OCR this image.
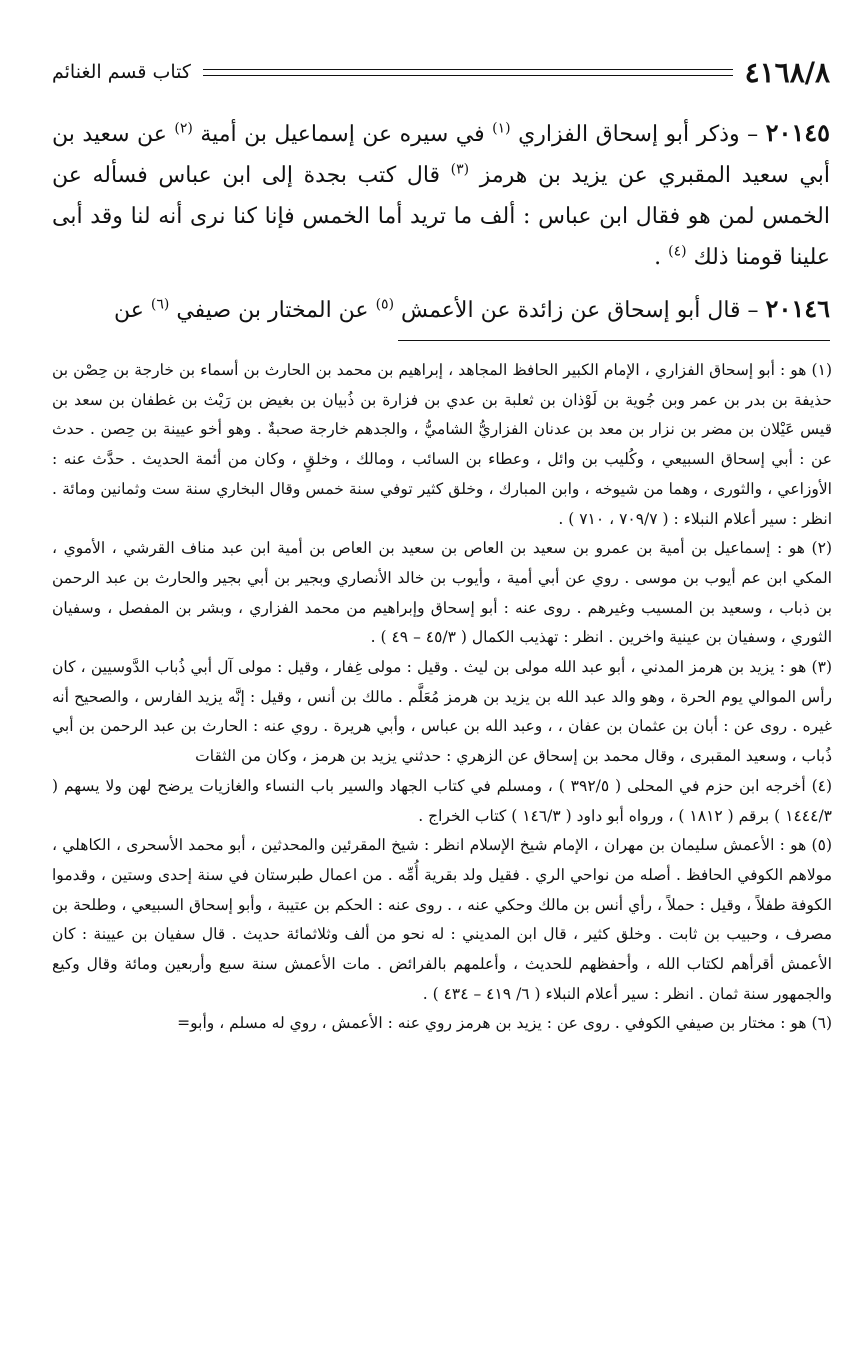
٤١٦٨/٨
كتاب قسم الغنائم

٢٠١٤٥ – وذكر أبو إسحاق الفزاري $^{(١)}$ في سيره عن إسماعيل بن أمية $^{(٢)}$ عن سعيد بن أبي سعيد المقبري عن يزيد بن هرمز $^{(٣)}$ قال كتب بجدة إلى ابن عباس فسأله عن الخمس لمن هو فقال ابن عباس : ألف ما تريد أما الخمس فإنا كنا نرى أنه لنا وقد أبى علينا قومنا ذلك $^{(٤)}$ .

٢٠١٤٦ – قال أبو إسحاق عن زائدة عن الأعمش $^{(٥)}$ عن المختار بن صيفي $^{(٦)}$ عن

(١) هو : أبو إسحاق الفزاري ، الإمام الكبير الحافظ المجاهد ، إبراهيم بن محمد بن الحارث بن أسماء بن خارجة بن حِصْن بن حذيفة بن بدر بن عمر وبن جُوية بن لَوْذان بن ثعلبة بن عدي بن فزارة بن ذُبيان بن بغيض بن رَيْث بن غطفان بن سعد بن قيس عَيْلان بن مضر بن نزار بن معد بن عدنان الفزاريُّ الشاميُّ ، والجدهم خارجة صحبةٌ . وهو أخو عيينة بن حِصن . حدث عن : أبي إسحاق السبيعي ، وكُليب بن وائل ، وعطاء بن السائب ، ومالك ، وخلقٍ ، وكان من أئمة الحديث . حدَّث عنه : الأوزاعي ، والثورى ، وهما من شيوخه ، وابن المبارك ، وخلق كثير توفي سنة خمس وقال البخاري سنة ست وثمانين ومائة . انظر : سير أعلام النبلاء : ( ٧٠٩/٧ ، ٧١٠ ) .

(٢) هو : إسماعيل بن أمية بن عمرو بن سعيد بن العاص بن سعيد بن العاص بن أمية ابن عبد مناف القرشي ، الأموي ، المكي ابن عم أيوب بن موسى . روي عن أبي أمية ، وأيوب بن خالد الأنصاري وبجير بن أبي بجير والحارث بن عبد الرحمن بن ذباب ، وسعيد بن المسيب وغيرهم . روى عنه : أبو إسحاق وإبراهيم من محمد الفزاري ، وبشر بن المفصل ، وسفيان الثوري ، وسفيان بن عينية واخرين . انظر : تهذيب الكمال ( ٤٥/٣ – ٤٩ ) .

(٣) هو : يزيد بن هرمز المدني ، أبو عبد الله مولى بن ليث . وقيل : مولى غِفار ، وقيل : مولى آل أبي ذُباب الدَّوسيين ، كان رأس الموالي يوم الحرة ، وهو والد عبد الله بن يزيد بن هرمز مُعَلَّم . مالك بن أنس ، وقيل : إنَّه يزيد الفارس ، والصحيح أنه غيره . روى عن : أبان بن عثمان بن عفان ، ، وعبد الله بن عباس ، وأبي هريرة . روي عنه : الحارث بن عبد الرحمن بن أبي ذُباب ، وسعيد المقبرى ، وقال محمد بن إسحاق عن الزهري : حدثني يزيد بن هرمز ، وكان من الثقات

(٤) أخرجه ابن حزم في المحلى ( ٣٩٢/٥ ) ، ومسلم في كتاب الجهاد والسير باب النساء والغازيات يرضح لهن ولا يسهم ( ١٤٤٤/٣ ) برقم ( ١٨١٢ ) ، ورواه أبو داود ( ١٤٦/٣ ) كتاب الخراج .

(٥) هو : الأعمش سليمان بن مهران ، الإمام شيخ الإسلام انظر : شيخ المقرئين والمحدثين ، أبو محمد الأسحرى ، الكاهلي ، مولاهم الكوفي الحافظ . أصله من نواحي الري . فقيل ولد بقرية أُمِّه . من اعمال طبرستان في سنة إحدى وستين ، وقدموا الكوفة طفلاً ، وقيل : حملاً ، رأي أنس بن مالك وحكي عنه ، . روى عنه : الحكم بن عتيبة ، وأبو إسحاق السبيعي ، وطلحة بن مصرف ، وحبيب بن ثابت . وخلق كثير ، قال ابن المديني : له نحو من ألف وثلاثمائة حديث . قال سفيان بن عيينة : كان الأعمش أقرأهم لكتاب الله ، وأحفظهم للحديث ، وأعلمهم بالفرائض . مات الأعمش سنة سبع وأربعين ومائة وقال وكيع والجمهور سنة ثمان . انظر : سير أعلام النبلاء ( ٦/ ٤١٩ – ٤٣٤ ) .

(٦) هو : مختار بن صيفي الكوفي . روى عن : يزيد بن هرمز روي عنه : الأعمش ، روي له مسلم ، وأبو=
